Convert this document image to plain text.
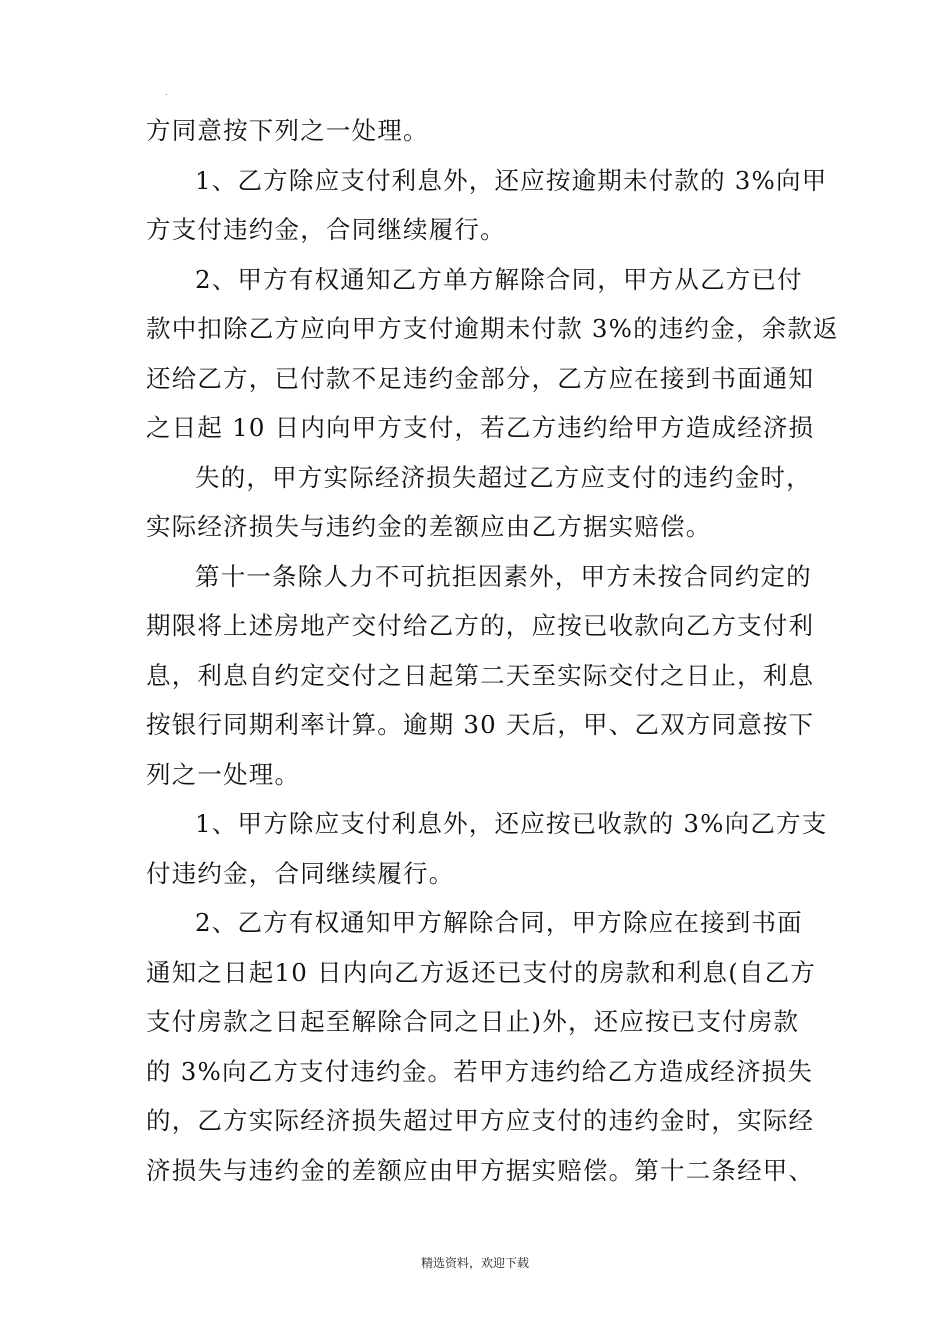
.
方同意按下列之一处理。
1、乙方除应支付利息外，还应按逾期未付款的 3%向甲
方支付违约金，合同继续履行。
2、甲方有权通知乙方单方解除合同，甲方从乙方已付
款中扣除乙方应向甲方支付逾期未付款 3%的违约金，余款返
还给乙方，已付款不足违约金部分，乙方应在接到书面通知
之日起 10 日内向甲方支付，若乙方违约给甲方造成经济损
失的，甲方实际经济损失超过乙方应支付的违约金时，
实际经济损失与违约金的差额应由乙方据实赔偿。
第十一条除人力不可抗拒因素外，甲方未按合同约定的
期限将上述房地产交付给乙方的，应按已收款向乙方支付利
息，利息自约定交付之日起第二天至实际交付之日止，利息
按银行同期利率计算。逾期 30 天后，甲、乙双方同意按下
列之一处理。
1、甲方除应支付利息外，还应按已收款的 3%向乙方支
付违约金，合同继续履行。
2、乙方有权通知甲方解除合同，甲方除应在接到书面
通知之日起10 日内向乙方返还已支付的房款和利息(自乙方
支付房款之日起至解除合同之日止)外，还应按已支付房款
的 3%向乙方支付违约金。若甲方违约给乙方造成经济损失
的，乙方实际经济损失超过甲方应支付的违约金时，实际经
济损失与违约金的差额应由甲方据实赔偿。第十二条经甲、
精选资料，欢迎下载
